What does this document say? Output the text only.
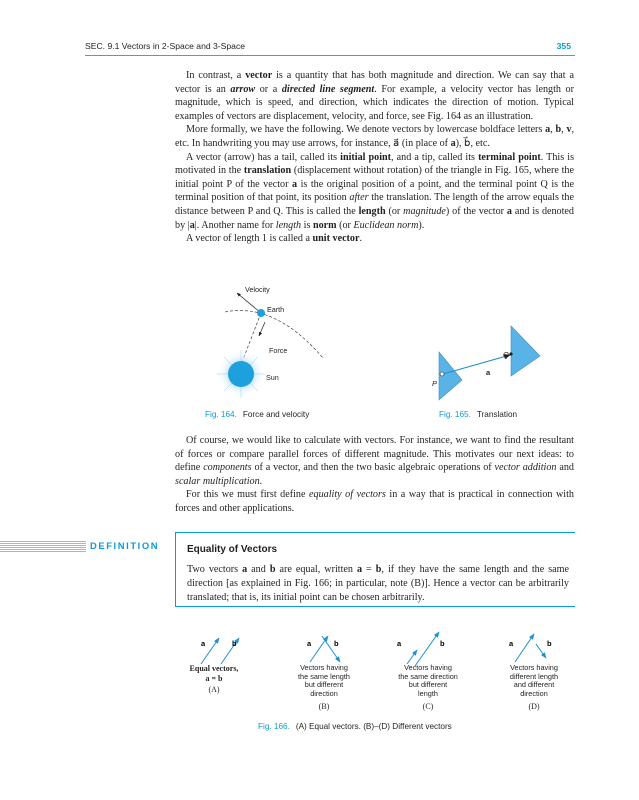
SEC. 9.1 Vectors in 2-Space and 3-Space	355

In contrast, a vector is a quantity that has both magnitude and direction. We can say that a vector is an arrow or a directed line segment. For example, a velocity vector has length or magnitude, which is speed, and direction, which indicates the direction of motion. Typical examples of vectors are displacement, velocity, and force, see Fig. 164 as an illustration.

More formally, we have the following. We denote vectors by lowercase boldface letters a, b, v, etc. In handwriting you may use arrows, for instance, a⃗ (in place of a), b⃗, etc.

A vector (arrow) has a tail, called its initial point, and a tip, called its terminal point. This is motivated in the translation (displacement without rotation) of the triangle in Fig. 165, where the initial point P of the vector a is the original position of a point, and the terminal point Q is the terminal position of that point, its position after the translation. The length of the arrow equals the distance between P and Q. This is called the length (or magnitude) of the vector a and is denoted by |a|. Another name for length is norm (or Euclidean norm).

A vector of length 1 is called a unit vector.

Velocity
Earth
Force
Sun
Fig. 164. Force and velocity
P
Q
a
Fig. 165. Translation

Of course, we would like to calculate with vectors. For instance, we want to find the resultant of forces or compare parallel forces of different magnitude. This motivates our next ideas: to define components of a vector, and then the two basic algebraic operations of vector addition and scalar multiplication.

For this we must first define equality of vectors in a way that is practical in connection with forces and other applications.

DEFINITION	Equality of Vectors
Two vectors a and b are equal, written a = b, if they have the same length and the same direction [as explained in Fig. 166; in particular, note (B)]. Hence a vector can be arbitrarily translated; that is, its initial point can be chosen arbitrarily.
a	b	a	b	a	b	a	b
Equal vectors,
a = b
(A)
Vectors having
the same length
but different
direction
(B)
Vectors having
the same direction
but different
length
(C)
Vectors having
different length
and different
direction
(D)
Fig. 166. (A) Equal vectors. (B)–(D) Different vectors
